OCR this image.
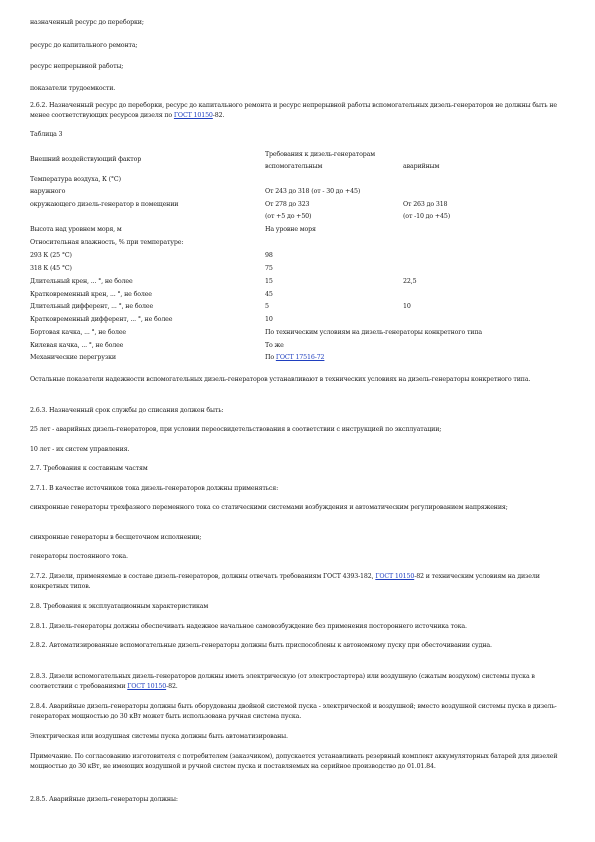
назначенный ресурс до переборки;
ресурс до капитального ремонта;
ресурс непрерывной работы;
показатели трудоемкости.
2.6.2. Назначенный ресурс до переборки, ресурс до капитального ремонта и ресурс непрерывной работы вспомогательных дизель-генераторов не должны быть не менее соответствующих ресурсов дизеля по ГОСТ 10150-82.
Таблица 3
Внешний воздействующий фактор
Требования к дизель-генераторам
вспомогательным	аварийным
Температура воздуха, К (°С)
наружного	От 243 до 318 (от - 30 до +45)
окружающего дизель-генератор в помещении	От 278 до 323	От 263 до 318
(от +5 до +50)	(от -10 до +45)
Высота над уровнем моря, м	На уровне моря
Относительная влажность, % при температуре:
293 К (25 °С)	98
318 К (45 °С)	75
Длительный крен, ... °, не более	15	22,5
Кратковременный крен, ... °, не более	45
Длительный дифферент, ... °, не более	5	10
Кратковременный дифферент, ... °, не более	10
Бортовая качка, ... °, не более	По техническим условиям на дизель-генераторы конкретного типа
Килевая качка, ... °, не более	То же
Механические перегрузки	По ГОСТ 17516-72
Остальные показатели надежности вспомогательных дизель-генераторов устанавливают в технических условиях на дизель-генераторы конкретного типа.
2.6.3. Назначенный срок службы до списания должен быть:
25 лет - аварийных дизель-генераторов, при условии переосвидетельствования в соответствии с инструкцией по эксплуатации;
10 лет - их систем управления.
2.7. Требования к составным частям
2.7.1. В качестве источников тока дизель-генераторов должны применяться:
синхронные генераторы трехфазного переменного тока со статическими системами возбуждения и автоматическим регулированием напряжения;
синхронные генераторы в бесщеточном исполнении;
генераторы постоянного тока.
2.7.2. Дизели, применяемые в составе дизель-генераторов, должны отвечать требованиям ГОСТ 4393-182, ГОСТ 10150-82 и техническим условиям на дизели конкретных типов.
2.8. Требования к эксплуатационным характеристикам
2.8.1. Дизель-генераторы должны обеспечивать надежное начальное самовозбуждение без применения постороннего источника тока.
2.8.2. Автоматизированные вспомогательные дизель-генераторы должны быть приспособлены к автономному пуску при обесточивании судна.
2.8.3. Дизели вспомогательных дизель-генераторов должны иметь электрическую (от электростартера) или воздушную (сжатым воздухом) системы пуска в соответствии с требованиями ГОСТ 10150-82.
2.8.4. Аварийные дизель-генераторы должны быть оборудованы двойной системой пуска - электрической и воздушной; вместо воздушной системы пуска в дизель-генераторах мощностью до 30 кВт может быть использована ручная система пуска.
Электрическая или воздушная системы пуска должны быть автоматизированы.
Примечание. По согласованию изготовителя с потребителем (заказчиком), допускается устанавливать резервный комплект аккумуляторных батарей для дизелей мощностью до 30 кВт, не имеющих воздушной и ручной систем пуска и поставляемых на серийное производство до 01.01.84.
2.8.5. Аварийные дизель-генераторы должны:
